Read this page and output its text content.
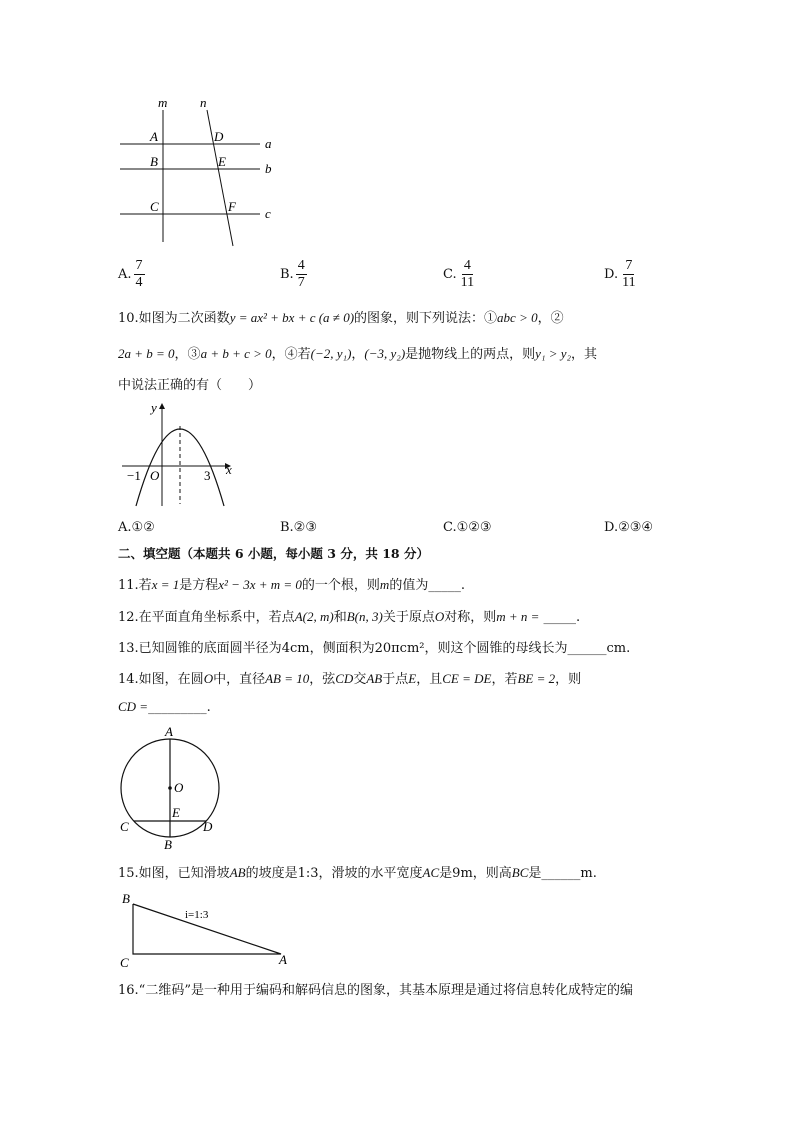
m	n
A	D	a
B	E	b
C	F c
A. $\frac{7}{4}$	B. $\frac{4}{7}$	C. $\frac{4}{11}$	D. $\frac{7}{11}$
10.如图为二次函数y = ax² + bx + c (a ≠ 0)的图象，则下列说法：①abc > 0，②
2a + b = 0，③a + b + c > 0，④若(−2, y₁)，(−3, y₂)是抛物线上的两点，则y₁ > y₂，其
中说法正确的有（　　）
y
x
−1 O	3
A.①②	B.②③	C.①②③	D.②③④
二、填空题（本题共 6 小题，每小题 3 分，共 18 分）
11.若x = 1是方程x² − 3x + m = 0的一个根，则m的值为_____.
12.在平面直角坐标系中，若点A(2, m)和B(n, 3)关于原点O对称，则m + n = _____.
13.已知圆锥的底面圆半径为4cm，侧面积为20πcm²，则这个圆锥的母线长为______cm.
14.如图，在圆O中，直径AB = 10，弦CD交AB于点E，且CE = DE，若BE = 2，则
CD =_________.
A
O
E
C	D
B
15.如图，已知滑坡AB的坡度是1:3，滑坡的水平宽度AC是9m，则高BC是______m.
B
C	A
i=1:3
16.“二维码”是一种用于编码和解码信息的图象，其基本原理是通过将信息转化成特定的编
